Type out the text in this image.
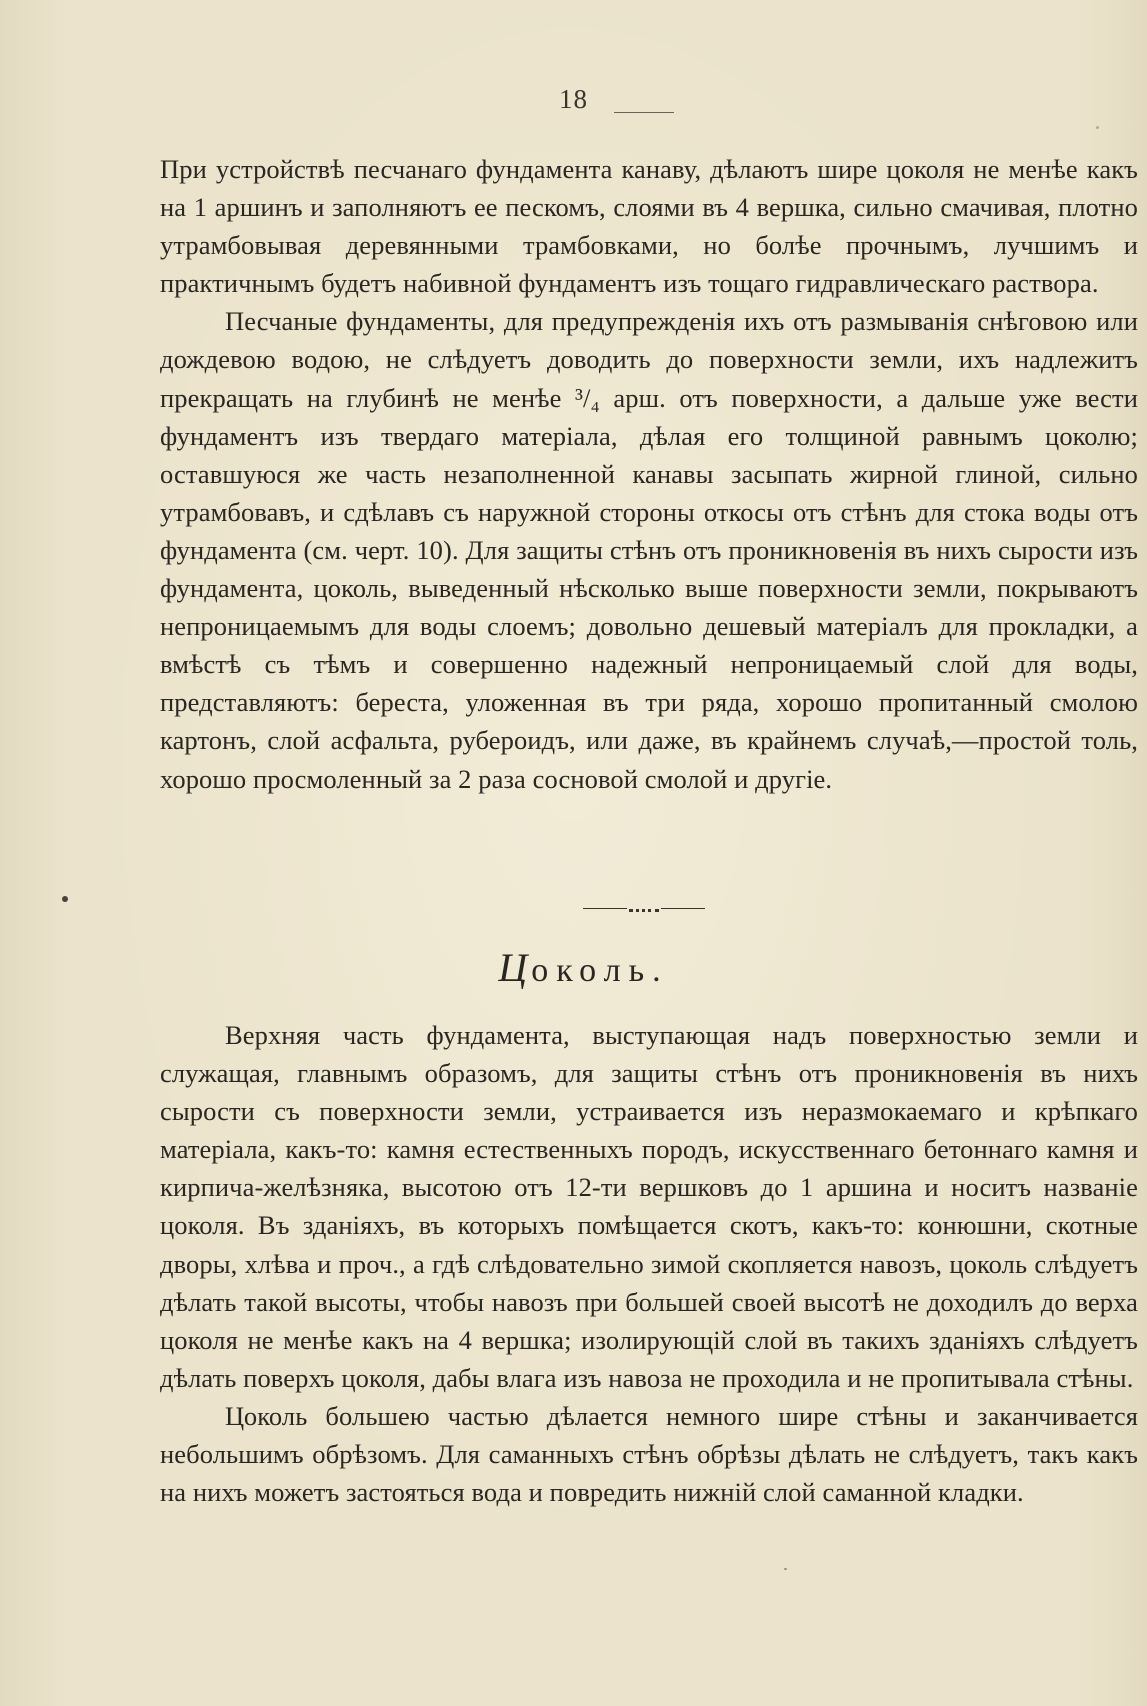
18

При устройствѣ песчанаго фундамента канаву, дѣлаютъ шире цоколя не менѣе какъ на 1 аршинъ и заполняютъ ее пескомъ, слоями въ 4 вершка, сильно смачивая, плотно утрамбовывая деревянными трамбовками, но болѣе прочнымъ, лучшимъ и практичнымъ будетъ набивной фундаментъ изъ тощаго гидравлическаго раствора.

Песчаные фундаменты, для предупрежденія ихъ отъ размыванія снѣговою или дождевою водою, не слѣдуетъ доводить до поверхности земли, ихъ надлежитъ прекращать на глубинѣ не менѣе ³/₄ арш. отъ поверхности, а дальше уже вести фундаментъ изъ твердаго матеріала, дѣлая его толщиной равнымъ цоколю; оставшуюся же часть незаполненной канавы засыпать жирной глиной, сильно утрамбовавъ, и сдѣлавъ съ наружной стороны откосы отъ стѣнъ для стока воды отъ фундамента (см. черт. 10). Для защиты стѣнъ отъ проникновенія въ нихъ сырости изъ фундамента, цоколь, выведенный нѣсколько выше поверхности земли, покрываютъ непроницаемымъ для воды слоемъ; довольно дешевый матеріалъ для прокладки, а вмѣстѣ съ тѣмъ и совершенно надежный непроницаемый слой для воды, представляютъ: береста, уложенная въ три ряда, хорошо пропитанный смолою картонъ, слой асфальта, рубероидъ, или даже, въ крайнемъ случаѣ,—простой толь, хорошо просмоленный за 2 раза сосновой смолой и другіе.

Цоколь.

Верхняя часть фундамента, выступающая надъ поверхностью земли и служащая, главнымъ образомъ, для защиты стѣнъ отъ проникновенія въ нихъ сырости съ поверхности земли, устраивается изъ неразмокаемаго и крѣпкаго матеріала, какъ-то: камня естественныхъ породъ, искусственнаго бетоннаго камня и кирпича-желѣзняка, высотою отъ 12-ти вершковъ до 1 аршина и носитъ названіе цоколя. Въ зданіяхъ, въ которыхъ помѣщается скотъ, какъ-то: конюшни, скотные дворы, хлѣва и проч., а гдѣ слѣдовательно зимой скопляется навозъ, цоколь слѣдуетъ дѣлать такой высоты, чтобы навозъ при большей своей высотѣ не доходилъ до верха цоколя не менѣе какъ на 4 вершка; изолирующій слой въ такихъ зданіяхъ слѣдуетъ дѣлать поверхъ цоколя, дабы влага изъ навоза не проходила и не пропитывала стѣны.

Цоколь большею частью дѣлается немного шире стѣны и заканчивается небольшимъ обрѣзомъ. Для саманныхъ стѣнъ обрѣзы дѣлать не слѣдуетъ, такъ какъ на нихъ можетъ застояться вода и повредить нижній слой саманной кладки.
